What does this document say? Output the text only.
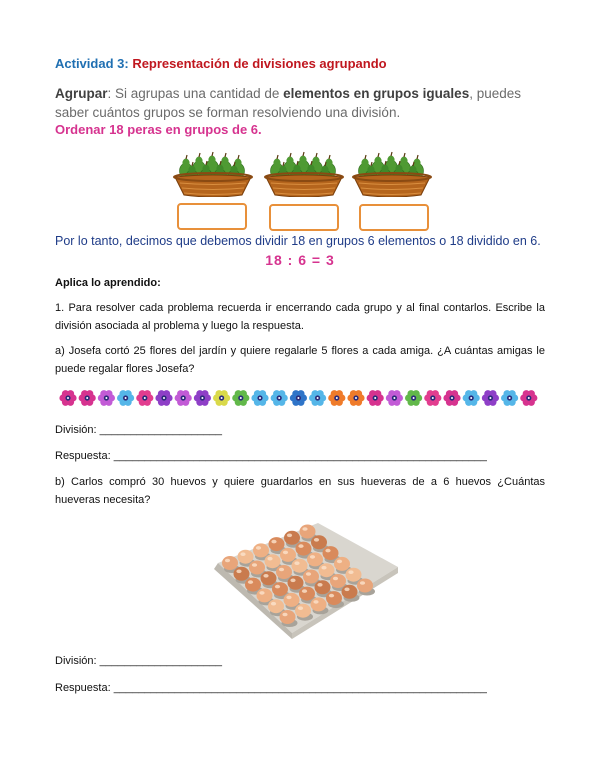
Actividad 3: Representación de divisiones agrupando
Agrupar: Si agrupas una cantidad de elementos en grupos iguales, puedes saber cuántos grupos se forman resolviendo una división.
Ordenar 18 peras en grupos de 6.
Por lo tanto, decimos que debemos dividir 18 en grupos 6 elementos o 18 dividido en 6.
18 : 6 = 3
Aplica lo aprendido:
1. Para resolver cada problema recuerda ir encerrando cada grupo y al final contarlos. Escribe la división asociada al problema y luego la respuesta.
a) Josefa cortó 25 flores del jardín y quiere regalarle 5 flores a cada amiga. ¿A cuántas amigas le puede regalar flores Josefa?
División: ____________________
Respuesta: _____________________________________________________________
b) Carlos compró 30 huevos y quiere guardarlos en sus hueveras de a 6 huevos ¿Cuántas hueveras necesita?
División: ____________________
Respuesta: _____________________________________________________________
